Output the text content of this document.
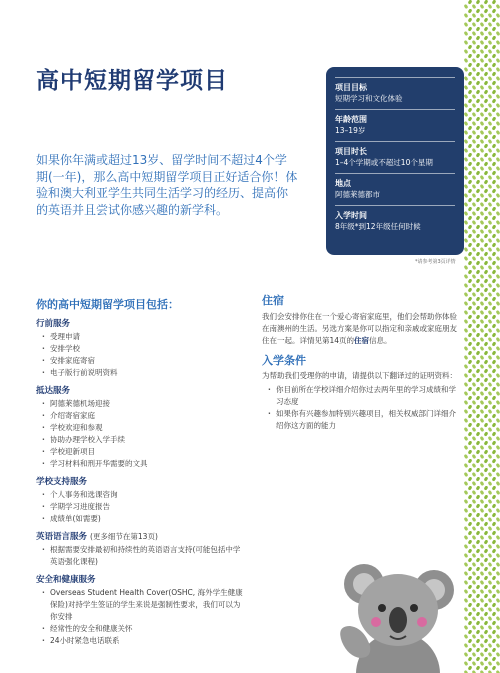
高中短期留学项目
如果你年满或超过13岁、留学时间不超过4个学期(一年)，那么高中短期留学项目正好适合你！体验和澳大利亚学生共同生活学习的经历、提高你的英语并且尝试你感兴趣的新学科。
项目目标
短期学习和文化体验
年龄范围
13–19岁
项目时长
1–4个学期或不超过10个星期
地点
阿德莱德都市
入学时间
8年级*到12年级任何时候
*请参考第3页详情
你的高中短期留学项目包括：
行前服务
· 受理申请
· 安排学校
· 安排家庭寄宿
· 电子版行前说明资料
抵达服务
· 阿德莱德机场迎接
· 介绍寄宿家庭
· 学校欢迎和参观
· 协助办理学校入学手续
· 学校迎新项目
· 学习材料和刑开华需要的文具
学校支持服务
· 个人事务和选课咨询
· 学期学习进度报告
· 成绩单(如需要)
英语语言服务 (更多细节在第13页)
· 根据需要安排最初和持续性的英语语言支持(可能包括中学英语强化课程)
安全和健康服务
· Overseas Student Health Cover(OSHC, 海外学生健康保险)对持学生签证的学生来说是强制性要求，我们可以为你安排
· 经常性的安全和健康关怀
· 24小时紧急电话联系
住宿
我们会安排你住在一个爱心寄宿家庭里，他们会帮助你体验在南澳州的生活。另选方案是你可以指定和亲戚或家庭朋友住在一起。详情见第14页的住宿信息。
入学条件
为帮助我们受理你的申请，请提供以下翻译过的证明资料：
· 你目前所在学校详细介绍你过去两年里的学习成绩和学习态度
· 如果你有兴趣参加特别兴趣项目，相关权威部门详细介绍你这方面的能力
